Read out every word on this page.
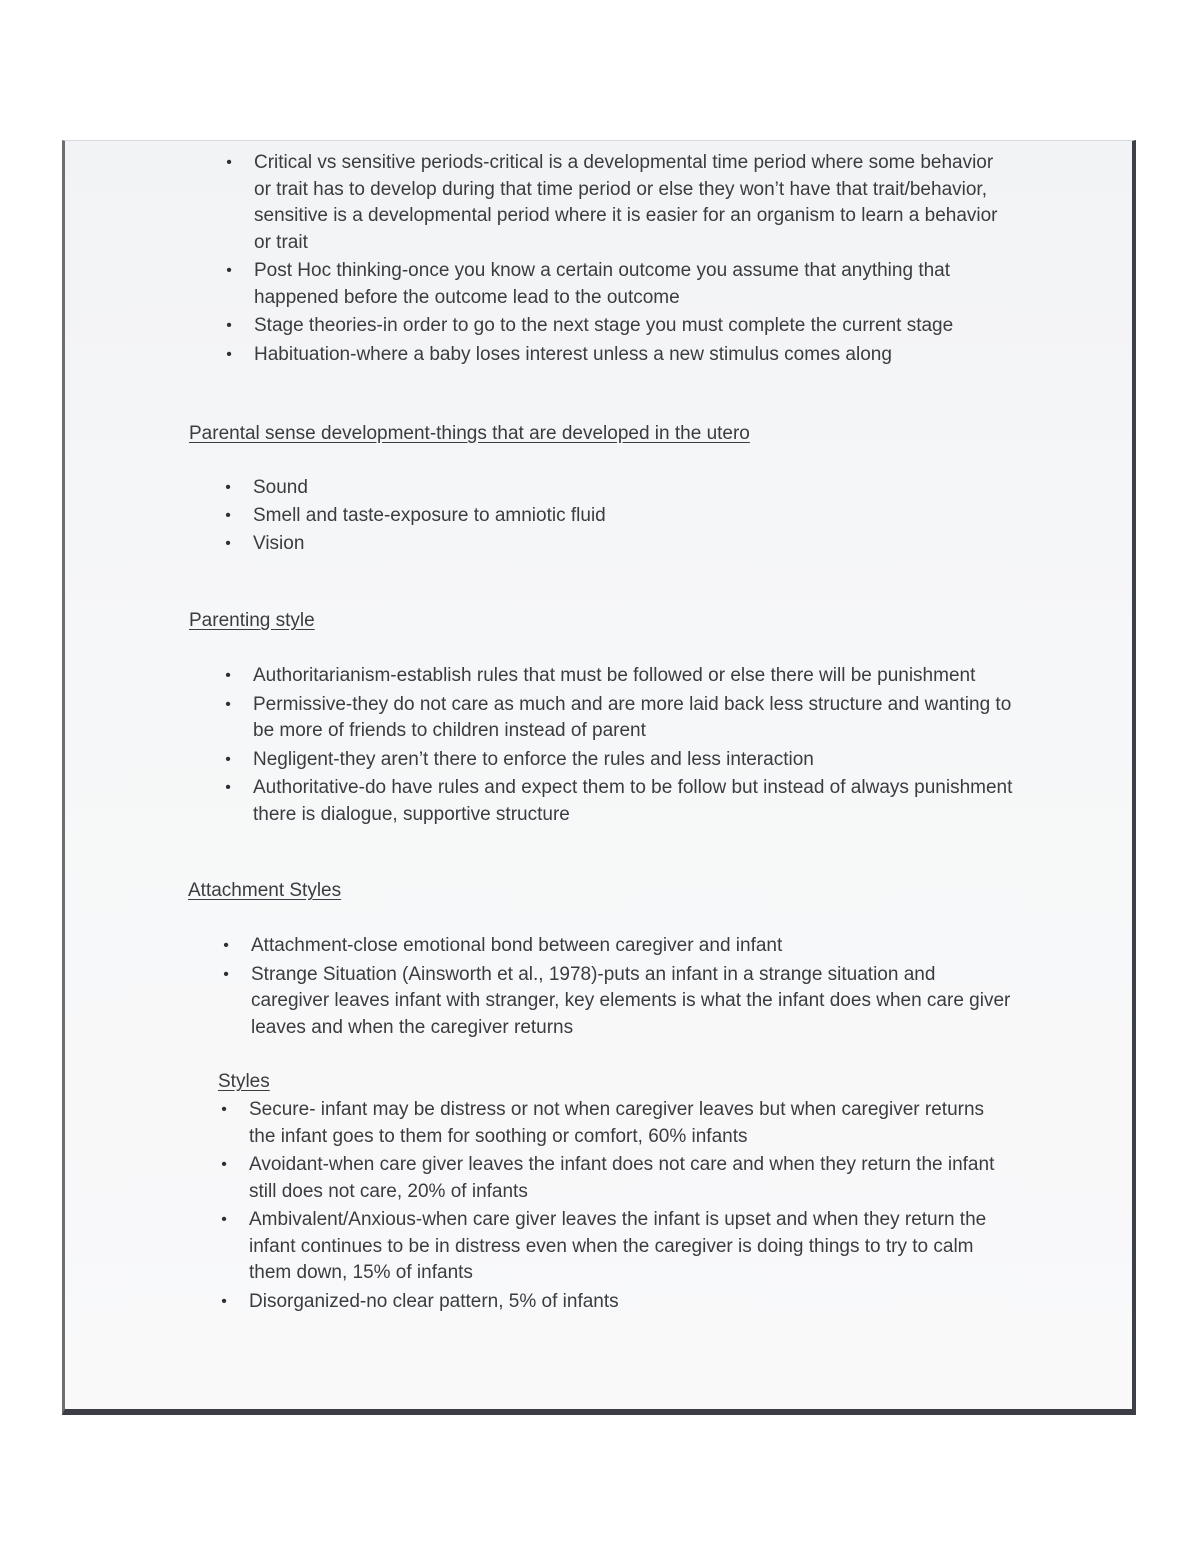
• Critical vs sensitive periods-critical is a developmental time period where some behavior or trait has to develop during that time period or else they won’t have that trait/behavior, sensitive is a developmental period where it is easier for an organism to learn a behavior or trait
• Post Hoc thinking-once you know a certain outcome you assume that anything that happened before the outcome lead to the outcome
• Stage theories-in order to go to the next stage you must complete the current stage
• Habituation-where a baby loses interest unless a new stimulus comes along
Parental sense development-things that are developed in the utero
• Sound
• Smell and taste-exposure to amniotic fluid
• Vision
Parenting style
• Authoritarianism-establish rules that must be followed or else there will be punishment
• Permissive-they do not care as much and are more laid back less structure and wanting to be more of friends to children instead of parent
• Negligent-they aren’t there to enforce the rules and less interaction
• Authoritative-do have rules and expect them to be follow but instead of always punishment there is dialogue, supportive structure
Attachment Styles
• Attachment-close emotional bond between caregiver and infant
• Strange Situation (Ainsworth et al., 1978)-puts an infant in a strange situation and caregiver leaves infant with stranger, key elements is what the infant does when care giver leaves and when the caregiver returns
Styles
• Secure- infant may be distress or not when caregiver leaves but when caregiver returns the infant goes to them for soothing or comfort, 60% infants
• Avoidant-when care giver leaves the infant does not care and when they return the infant still does not care, 20% of infants
• Ambivalent/Anxious-when care giver leaves the infant is upset and when they return the infant continues to be in distress even when the caregiver is doing things to try to calm them down, 15% of infants
• Disorganized-no clear pattern, 5% of infants
